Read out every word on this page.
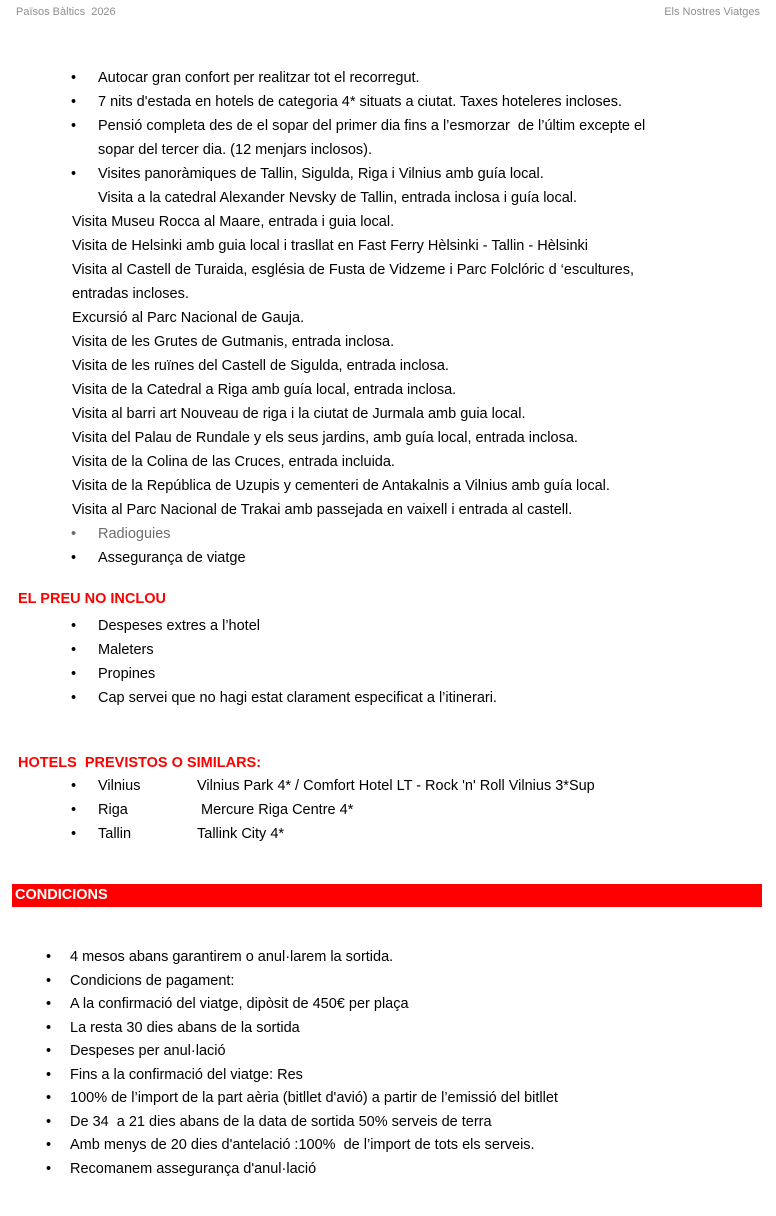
Països Bàltics  2026	Els Nostres Viatges
• Autocar gran confort per realitzar tot el recorregut.
• 7 nits d'estada en hotels de categoria 4* situats a ciutat. Taxes hoteleres incloses.
• Pensió completa des de el sopar del primer dia fins a l’esmorzar  de l’últim excepte el
sopar del tercer dia. (12 menjars inclosos).
• Visites panoràmiques de Tallin, Sigulda, Riga i Vilnius amb guía local.
Visita a la catedral Alexander Nevsky de Tallin, entrada inclosa i guía local.
Visita Museu Rocca al Maare, entrada i guia local.
Visita de Helsinki amb guia local i trasllat en Fast Ferry Hèlsinki - Tallin - Hèlsinki
Visita al Castell de Turaida, església de Fusta de Vidzeme i Parc Folclóric d ‘escultures,
entradas incloses.
Excursió al Parc Nacional de Gauja.
Visita de les Grutes de Gutmanis, entrada inclosa.
Visita de les ruïnes del Castell de Sigulda, entrada inclosa.
Visita de la Catedral a Riga amb guía local, entrada inclosa.
Visita al barri art Nouveau de riga i la ciutat de Jurmala amb guia local.
Visita del Palau de Rundale y els seus jardins, amb guía local, entrada inclosa.
Visita de la Colina de las Cruces, entrada incluida.
Visita de la República de Uzupis y cementeri de Antakalnis a Vilnius amb guía local.
Visita al Parc Nacional de Trakai amb passejada en vaixell i entrada al castell.
• Radioguies
• Assegurança de viatge
EL PREU NO INCLOU
• Despeses extres a l’hotel
• Maleters
• Propines
• Cap servei que no hagi estat clarament especificat a l’itinerari.
HOTELS  PREVISTOS O SIMILARS:
• Vilnius	Vilnius Park 4* / Comfort Hotel LT - Rock 'n' Roll Vilnius 3*Sup
• Riga	Mercure Riga Centre 4*
• Tallin	Tallink City 4*
CONDICIONS
• 4 mesos abans garantirem o anul·larem la sortida.
• Condicions de pagament:
• A la confirmació del viatge, dipòsit de 450€ per plaça
• La resta 30 dies abans de la sortida
• Despeses per anul·lació
• Fins a la confirmació del viatge: Res
• 100% de l’import de la part aèria (bitllet d'avió) a partir de l’emissió del bitllet
• De 34  a 21 dies abans de la data de sortida 50% serveis de terra
• Amb menys de 20 dies d'antelació :100%  de l’import de tots els serveis.
• Recomanem assegurança d'anul·lació
